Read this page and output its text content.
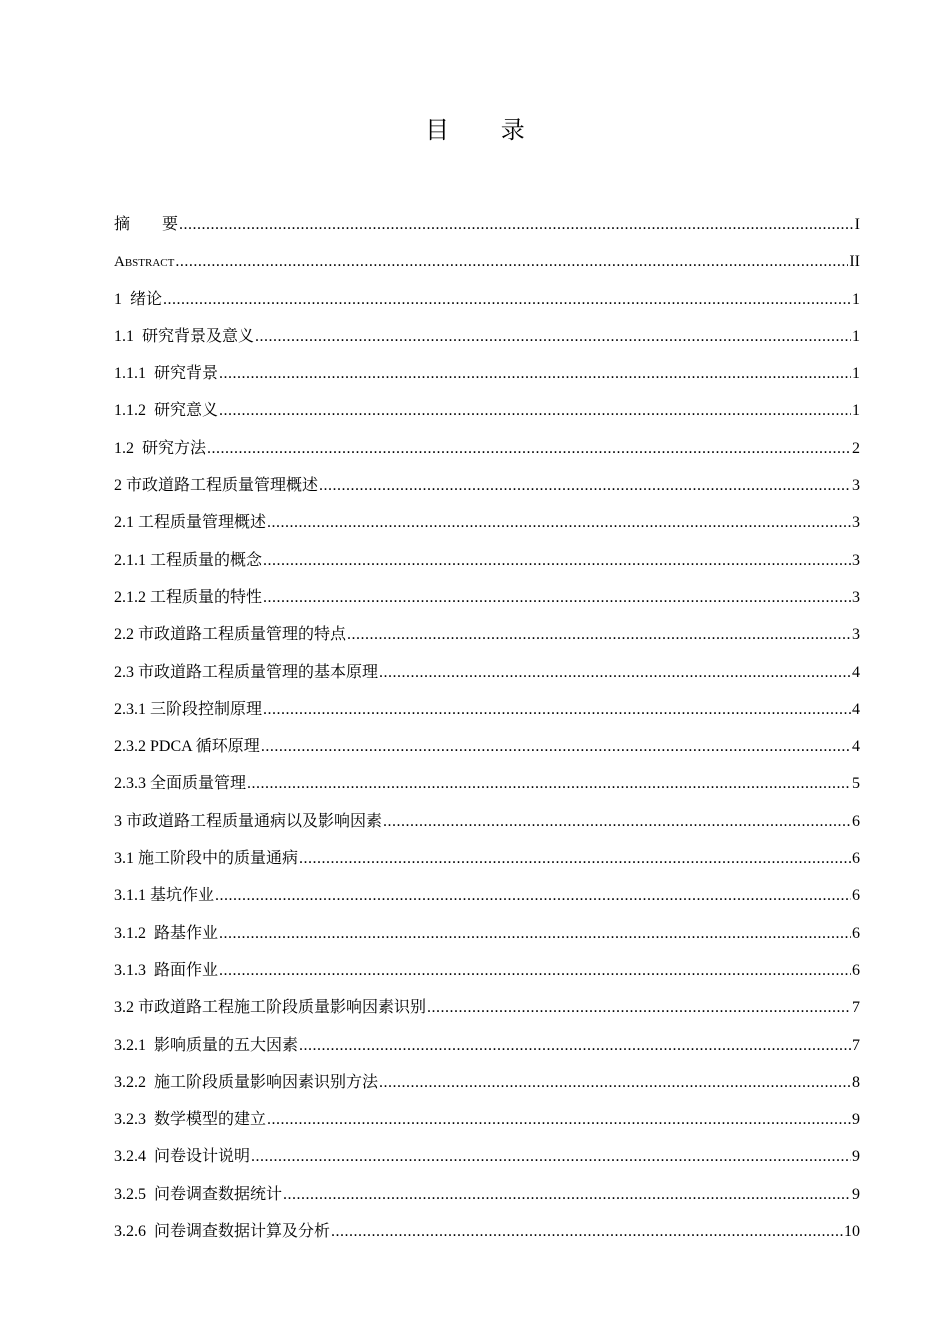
目 录
摘　　要 .....	I
Abstract .....	II
1  绪论 .....	1
1.1  研究背景及意义 .....	1
1.1.1  研究背景 .....	1
1.1.2  研究意义 .....	1
1.2  研究方法 .....	2
2 市政道路工程质量管理概述 .....	3
2.1 工程质量管理概述 .....	3
2.1.1 工程质量的概念 .....	3
2.1.2 工程质量的特性 .....	3
2.2 市政道路工程质量管理的特点 .....	3
2.3 市政道路工程质量管理的基本原理 .....	4
2.3.1 三阶段控制原理 .....	4
2.3.2 PDCA 循环原理 .....	4
2.3.3 全面质量管理 .....	5
3 市政道路工程质量通病以及影响因素 .....	6
3.1 施工阶段中的质量通病 .....	6
3.1.1 基坑作业 .....	6
3.1.2  路基作业 .....	6
3.1.3  路面作业 .....	6
3.2 市政道路工程施工阶段质量影响因素识别 .....	7
3.2.1  影响质量的五大因素 .....	7
3.2.2  施工阶段质量影响因素识别方法 .....	8
3.2.3  数学模型的建立 .....	9
3.2.4  问卷设计说明 .....	9
3.2.5  问卷调查数据统计 .....	9
3.2.6  问卷调查数据计算及分析 .....	10
